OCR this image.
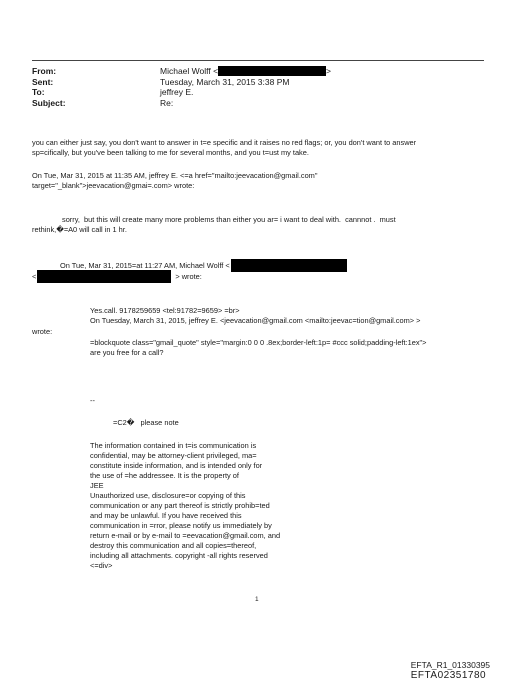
From:	Michael Wolff <	>
Sent:	Tuesday, March 31, 2015 3:38 PM
To:	jeffrey E.
Subject:	Re:
you can either just say, you don't want to answer in t=e specific and it raises no red flags; or, you don't want to answer
sp=cifically, but you've been talking to me for several months, and you t=ust my take.
On Tue, Mar 31, 2015 at 11:35 AM, jeffrey E. <=a href="mailto:jeevacation@gmail.com"
target="_blank">jeevacation@gmai=.com> wrote:
sorry,  but this will create many more problems than either you ar= i want to deal with.  cannnot .  must
rethink,�=A0 will call in 1 hr.
On Tue, Mar 31, 2015=at 11:27 AM, Michael Wolff <
<	> wrote:
Yes.call. 9178259659 <tel:91782=9659> =br>
On Tuesday, March 31, 2015, jeffrey E. <jeevacation@gmail.com <mailto:jeevac=tion@gmail.com> >
wrote:
=blockquote class="gmail_quote" style="margin:0 0 0 .8ex;border-left:1p= #ccc solid;padding-left:1ex">
are you free for a call?
--
=C2�   please note
The information contained in t=is communication is
confidential, may be attorney-client privileged, ma=
constitute inside information, and is intended only for
the use of =he addressee. It is the property of
JEE
Unauthorized use, disclosure=or copying of this
communication or any part thereof is strictly prohib=ted
and may be unlawful. If you have received this
communication in =rror, please notify us immediately by
return e-mail or by e-mail to =eevacation@gmail.com, and
destroy this communication and all copies=thereof,
including all attachments. copyright -all rights reserved
<=div>
1
EFTA_R1_01330395
EFTA02351780
